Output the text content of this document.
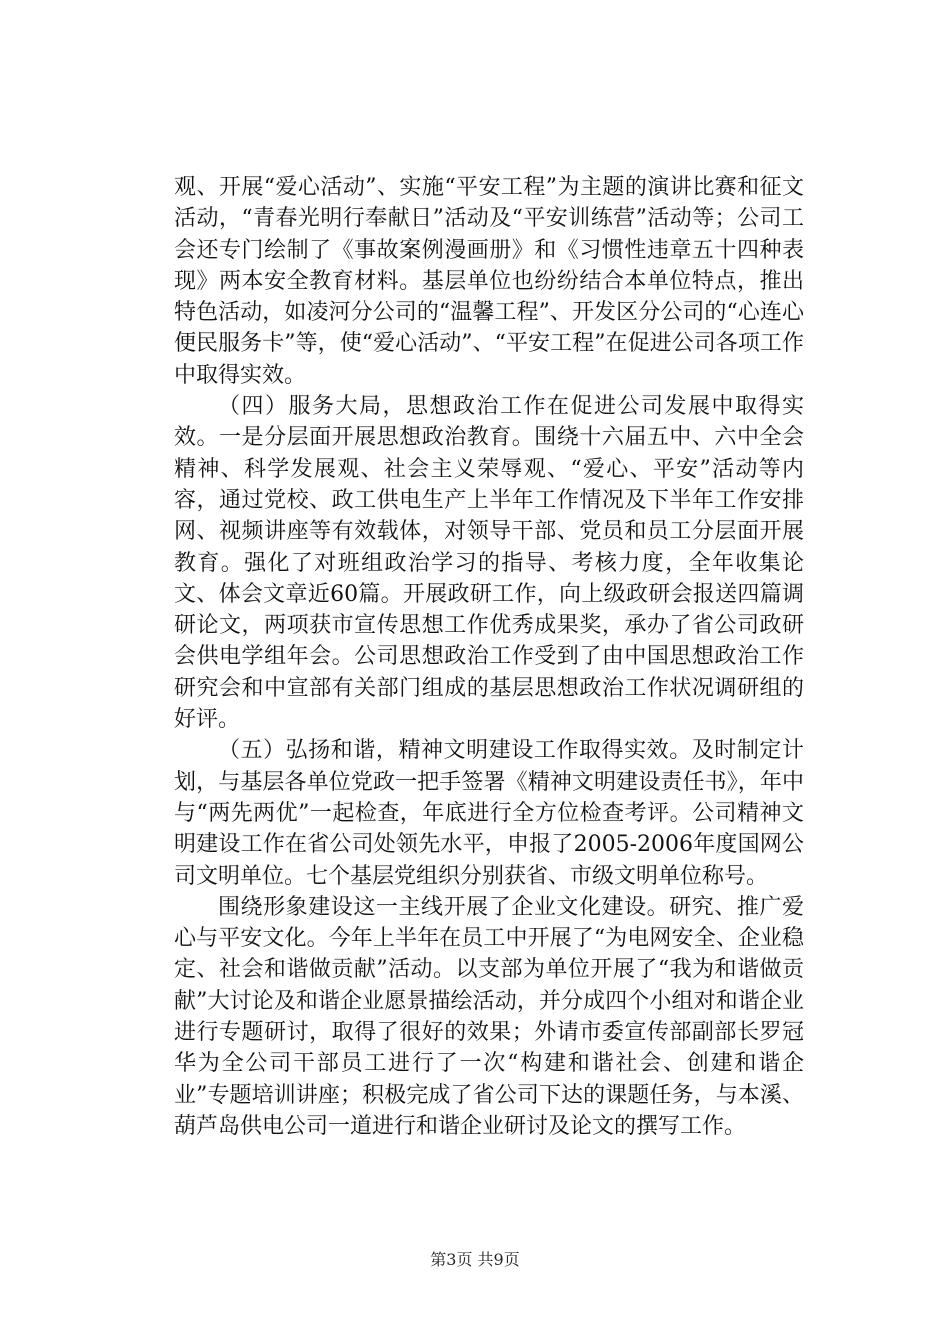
观、开展“爱心活动”、实施“平安工程”为主题的演讲比赛和征文活动，“青春光明行奉献日”活动及“平安训练营”活动等；公司工会还专门绘制了《事故案例漫画册》和《习惯性违章五十四种表现》两本安全教育材料。基层单位也纷纷结合本单位特点，推出特色活动，如凌河分公司的“温馨工程”、开发区分公司的“心连心便民服务卡”等，使“爱心活动”、“平安工程”在促进公司各项工作中取得实效。

（四）服务大局，思想政治工作在促进公司发展中取得实效。一是分层面开展思想政治教育。围绕十六届五中、六中全会精神、科学发展观、社会主义荣辱观、“爱心、平安”活动等内容，通过党校、政工供电生产上半年工作情况及下半年工作安排网、视频讲座等有效载体，对领导干部、党员和员工分层面开展教育。强化了对班组政治学习的指导、考核力度，全年收集论文、体会文章近60篇。开展政研工作，向上级政研会报送四篇调研论文，两项获市宣传思想工作优秀成果奖，承办了省公司政研会供电学组年会。公司思想政治工作受到了由中国思想政治工作研究会和中宣部有关部门组成的基层思想政治工作状况调研组的好评。

（五）弘扬和谐，精神文明建设工作取得实效。及时制定计划，与基层各单位党政一把手签署《精神文明建设责任书》，年中与“两先两优”一起检查，年底进行全方位检查考评。公司精神文明建设工作在省公司处领先水平，申报了2005-2006年度国网公司文明单位。七个基层党组织分别获省、市级文明单位称号。

围绕形象建设这一主线开展了企业文化建设。研究、推广爱心与平安文化。今年上半年在员工中开展了“为电网安全、企业稳定、社会和谐做贡献”活动。以支部为单位开展了“我为和谐做贡献”大讨论及和谐企业愿景描绘活动，并分成四个小组对和谐企业进行专题研讨，取得了很好的效果；外请市委宣传部副部长罗冠华为全公司干部员工进行了一次“构建和谐社会、创建和谐企业”专题培训讲座；积极完成了省公司下达的课题任务，与本溪、葫芦岛供电公司一道进行和谐企业研讨及论文的撰写工作。

第3页 共9页
